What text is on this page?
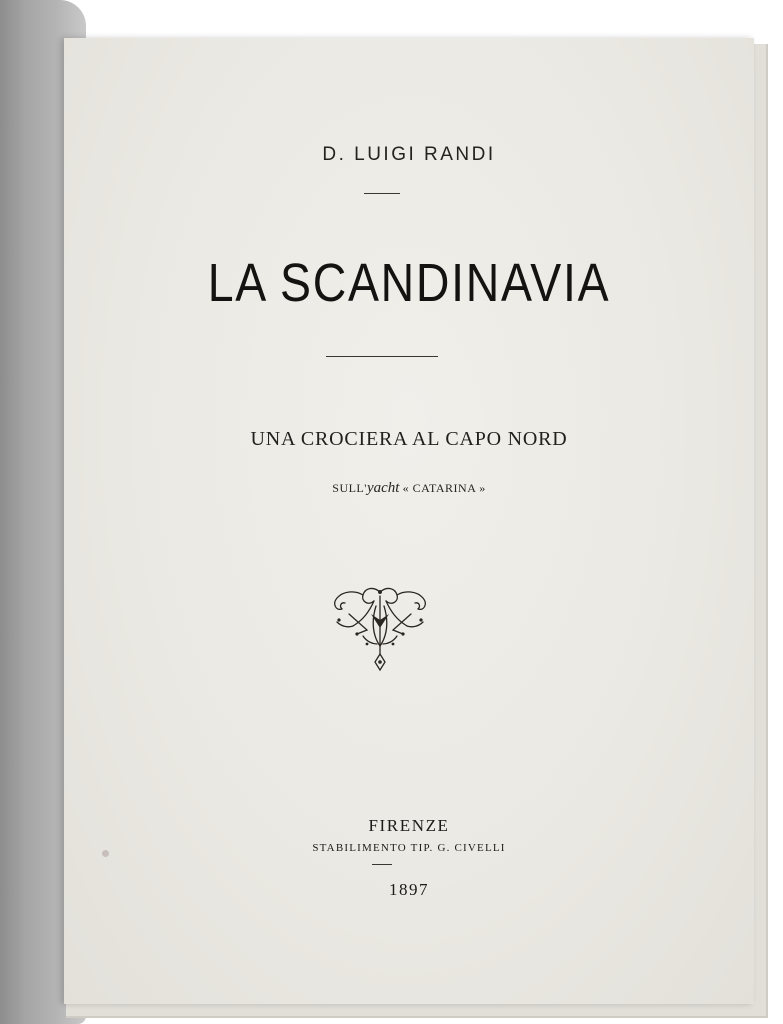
D. LUIGI RANDI
LA SCANDINAVIA
UNA CROCIERA AL CAPO NORD
SULL'yacht « CATARINA »
FIRENZE
STABILIMENTO TIP. G. CIVELLI
1897
